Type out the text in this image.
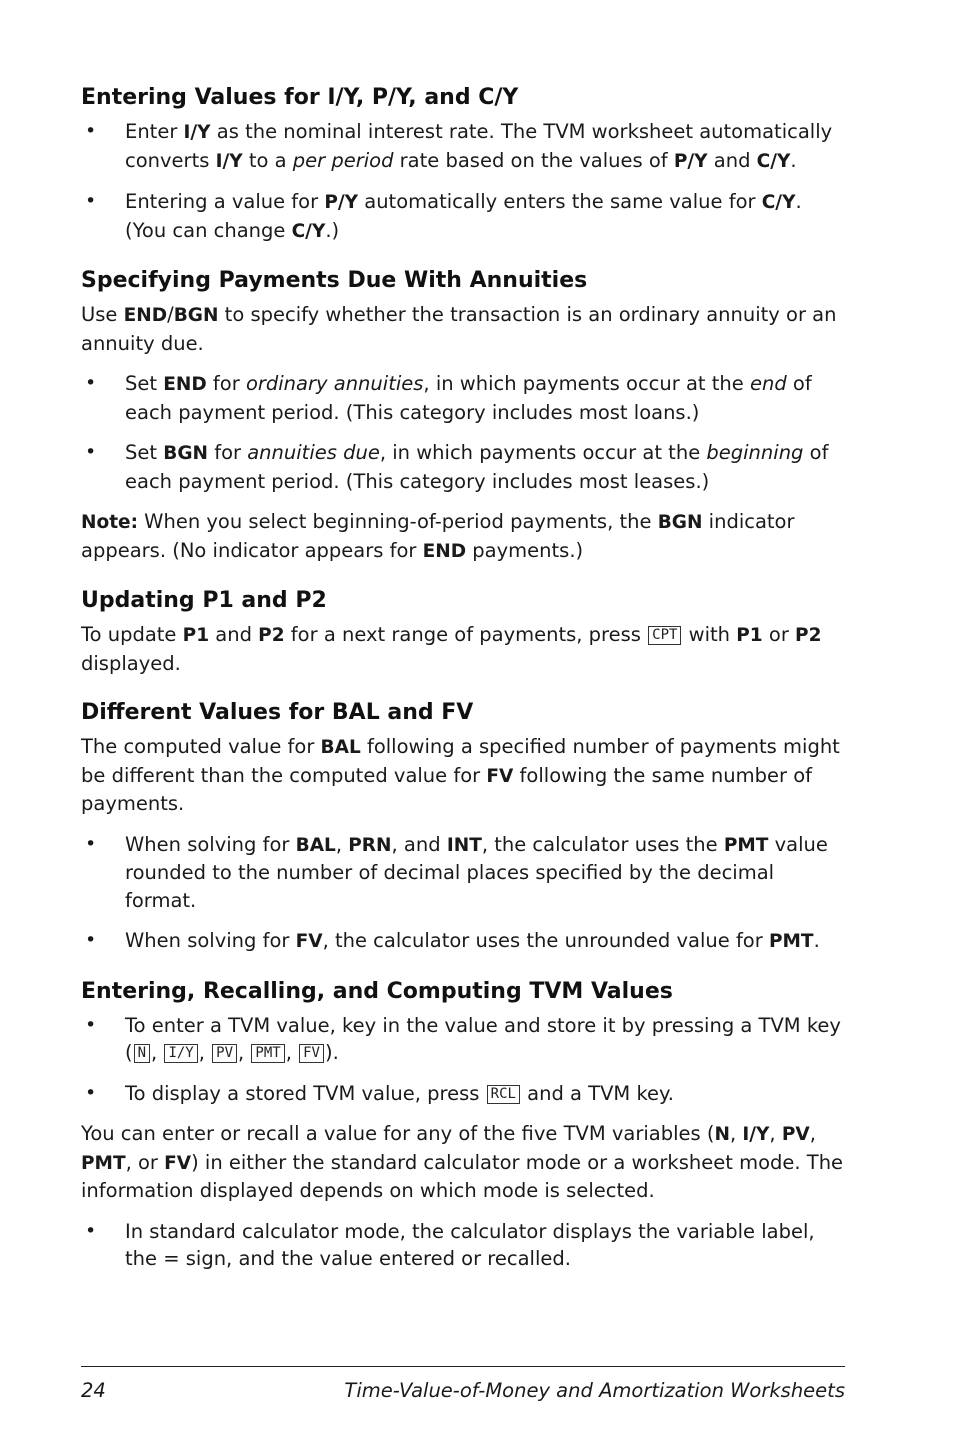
Entering Values for I/Y, P/Y, and C/Y
• Enter I/Y as the nominal interest rate. The TVM worksheet automatically converts I/Y to a per period rate based on the values of P/Y and C/Y.
• Entering a value for P/Y automatically enters the same value for C/Y. (You can change C/Y.)
Specifying Payments Due With Annuities

Use END/BGN to specify whether the transaction is an ordinary annuity or an annuity due.

• Set END for ordinary annuities, in which payments occur at the end of each payment period. (This category includes most loans.)
• Set BGN for annuities due, in which payments occur at the beginning of each payment period. (This category includes most leases.)

Note: When you select beginning-of-period payments, the BGN indicator appears. (No indicator appears for END payments.)

Updating P1 and P2

To update P1 and P2 for a next range of payments, press CPT with P1 or P2 displayed.

Different Values for BAL and FV

The computed value for BAL following a specified number of payments might be different than the computed value for FV following the same number of payments.

• When solving for BAL, PRN, and INT, the calculator uses the PMT value rounded to the number of decimal places specified by the decimal format.
• When solving for FV, the calculator uses the unrounded value for PMT.
Entering, Recalling, and Computing TVM Values
• To enter a TVM value, key in the value and store it by pressing a TVM key ( N , I/Y , PV , PMT , FV ).
• To display a stored TVM value, press RCL and a TVM key.

You can enter or recall a value for any of the five TVM variables (N, I/Y, PV, PMT, or FV) in either the standard calculator mode or a worksheet mode. The information displayed depends on which mode is selected.

• In standard calculator mode, the calculator displays the variable label, the = sign, and the value entered or recalled.
24	Time-Value-of-Money and Amortization Worksheets
